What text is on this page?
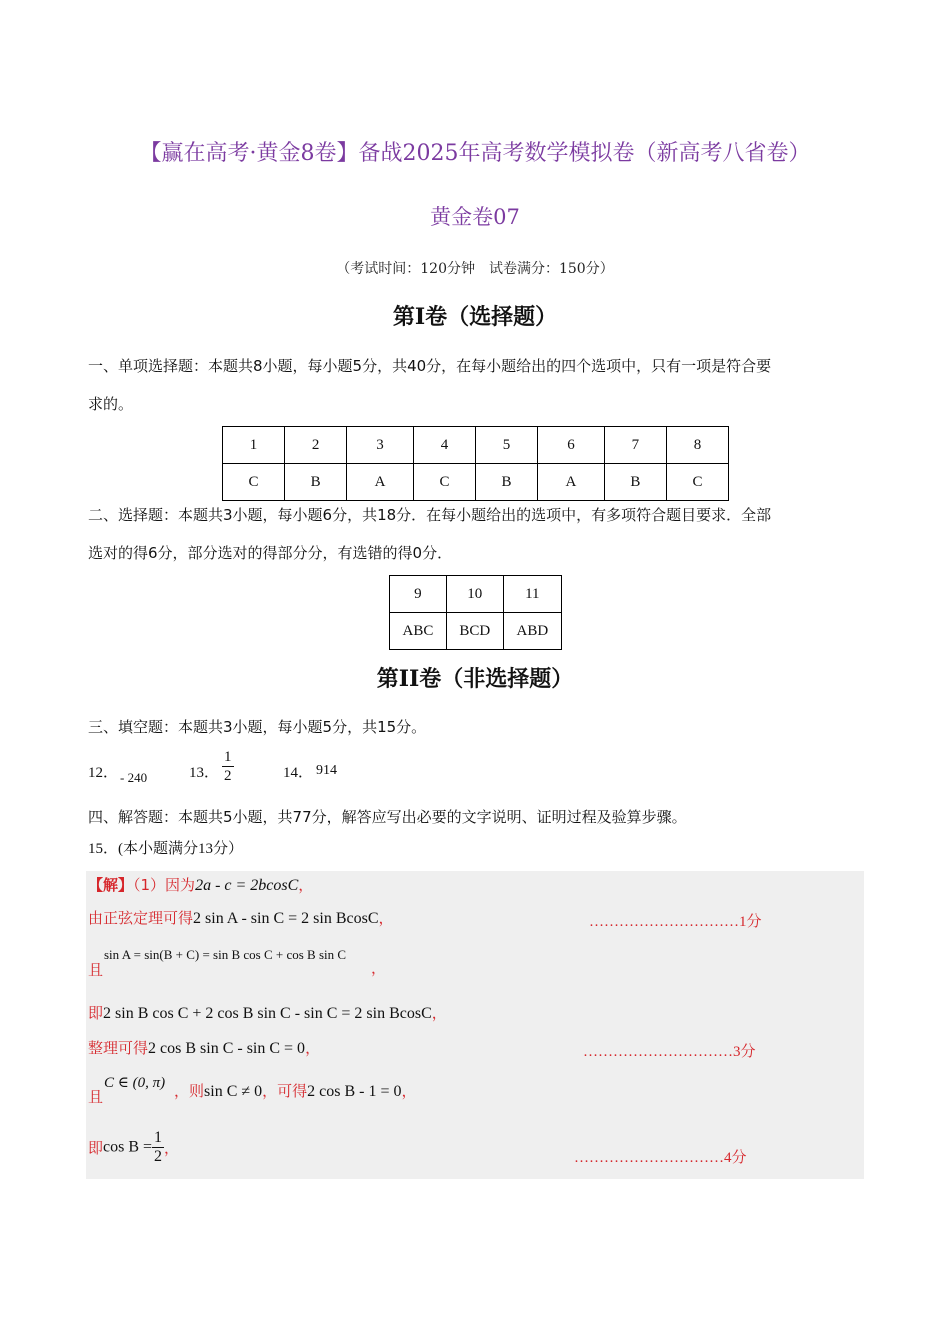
【赢在高考·黄金8卷】备战2025年高考数学模拟卷（新高考八省卷）
黄金卷07
（考试时间：120分钟　试卷满分：150分）
第I卷（选择题）
一、单项选择题：本题共8小题，每小题5分，共40分，在每小题给出的四个选项中，只有一项是符合要
求的。
1	2	3	4	5	6	7	8
C	B	A	C	B	A	B	C
二、选择题：本题共3小题，每小题6分，共18分．在每小题给出的选项中，有多项符合题目要求．全部
选对的得6分，部分选对的得部分分，有选错的得0分．
9	10	11
ABC	BCD	ABD
第II卷（非选择题）
三、填空题：本题共3小题，每小题5分，共15分。
12． - 240	13． $\frac{1}{2}$	14． 914
四、解答题：本题共5小题，共77分，解答应写出必要的文字说明、证明过程及验算步骤。
15．(本小题满分13分）
【解】（1）因为2a - c = 2bcosC，
由正弦定理可得2 sin A - sin C = 2 sin BcosC，	…………………………1分
sin A = sin(B + C) = sin B cos C + cos B sin C
且	，
即2 sin B cos C + 2 cos B sin C - sin C = 2 sin BcosC，
整理可得2 cos B sin C - sin C = 0，	…………………………3分
C ∈ (0, π)
且	，则sin C ≠ 0，可得2 cos B - 1 = 0，
即$\cos B = \frac{1}{2}$ ，
…………………………4分
